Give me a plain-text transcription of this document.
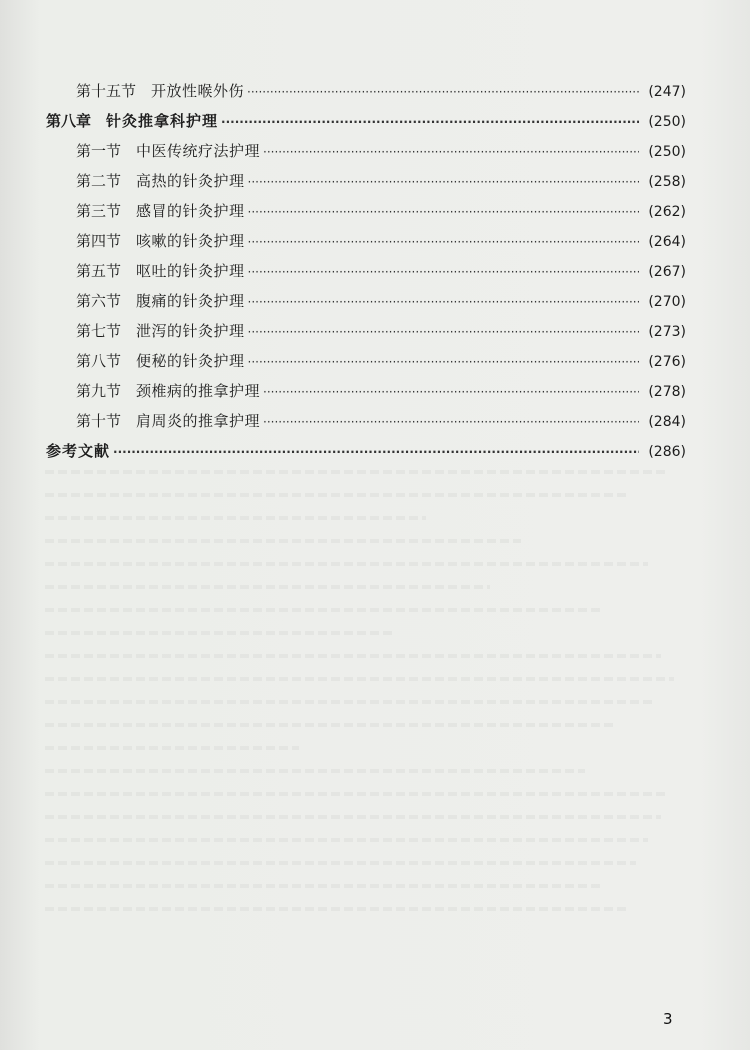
第十五节 开放性喉外伤 ·····	(247)
第八章 针灸推拿科护理 ·····	(250)
第一节 中医传统疗法护理 ·····	(250)
第二节 高热的针灸护理 ·····	(258)
第三节 感冒的针灸护理 ·····	(262)
第四节 咳嗽的针灸护理 ·····	(264)
第五节 呕吐的针灸护理 ·····	(267)
第六节 腹痛的针灸护理 ·····	(270)
第七节 泄泻的针灸护理 ·····	(273)
第八节 便秘的针灸护理 ·····	(276)
第九节 颈椎病的推拿护理 ·····	(278)
第十节 肩周炎的推拿护理 ·····	(284)
参考文献 ·····	(286)
3
